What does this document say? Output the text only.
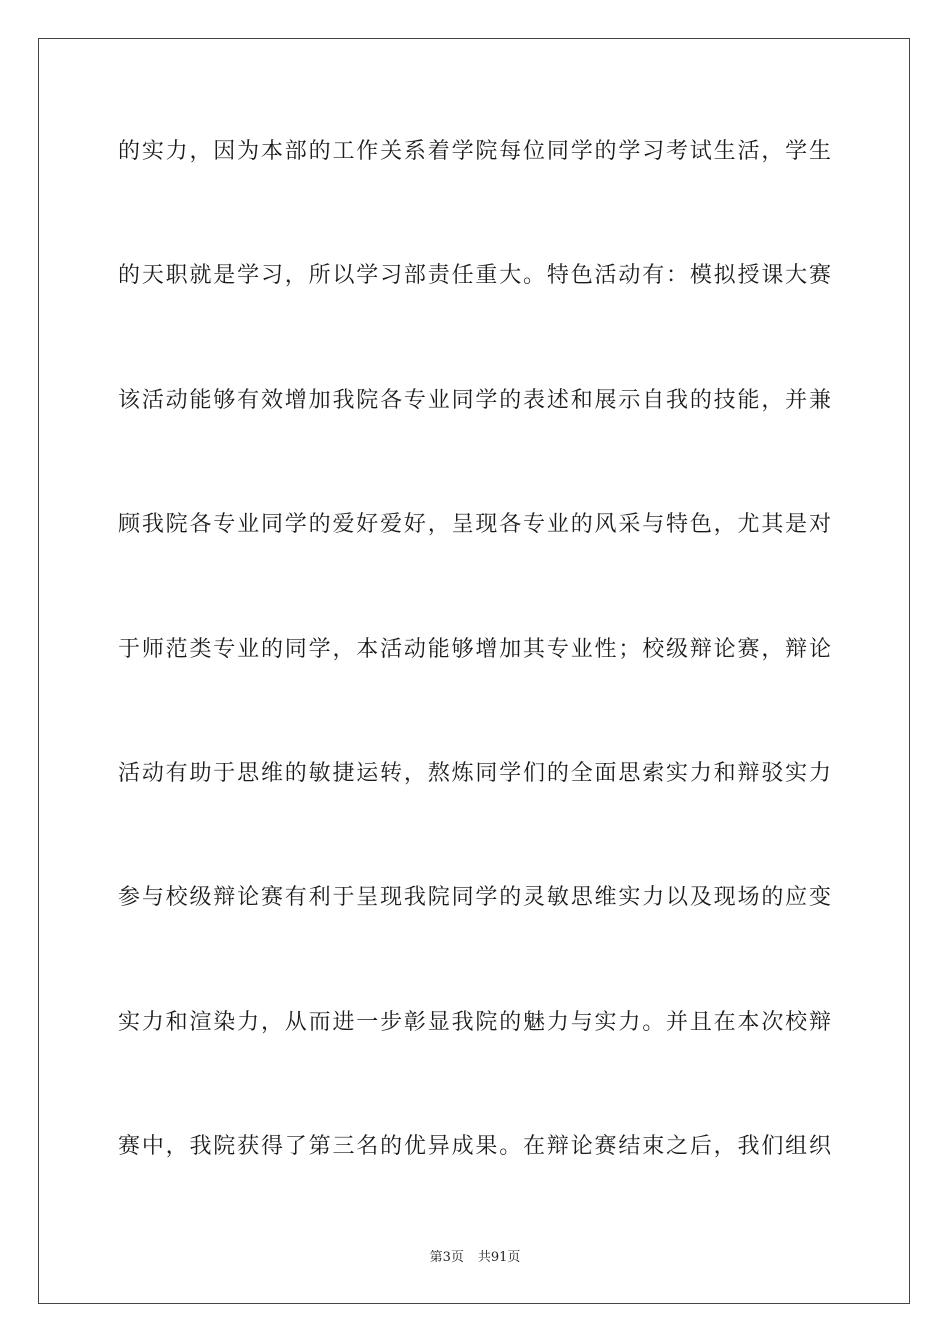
的实力，因为本部的工作关系着学院每位同学的学习考试生活，学生
的天职就是学习，所以学习部责任重大。特色活动有：模拟授课大赛
该活动能够有效增加我院各专业同学的表述和展示自我的技能，并兼
顾我院各专业同学的爱好爱好，呈现各专业的风采与特色，尤其是对
于师范类专业的同学，本活动能够增加其专业性；校级辩论赛，辩论
活动有助于思维的敏捷运转，熬炼同学们的全面思索实力和辩驳实力
参与校级辩论赛有利于呈现我院同学的灵敏思维实力以及现场的应变
实力和渲染力，从而进一步彰显我院的魅力与实力。并且在本次校辩
赛中，我院获得了第三名的优异成果。在辩论赛结束之后，我们组织
第3页 共91页
